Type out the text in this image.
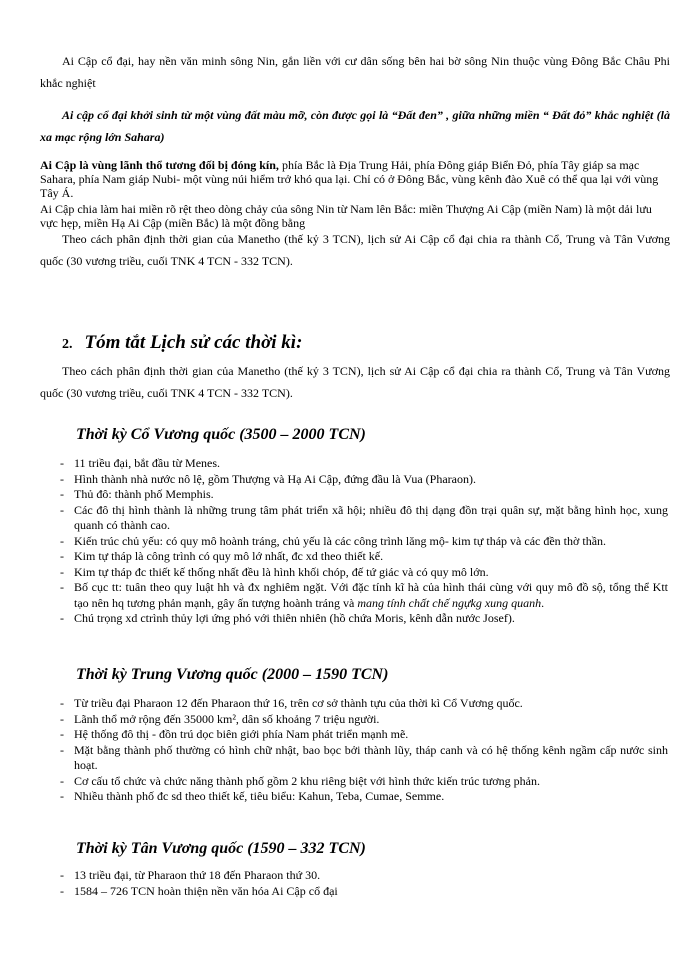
Ai Cập cổ đại, hay nền văn minh sông Nin, gắn liền với cư dân sống bên hai bờ sông Nin thuộc vùng Đông Bắc Châu Phi khắc nghiệt
Ai cập cổ đại khởi sinh từ một vùng đất màu mỡ, còn được gọi là “Đất đen” , giữa những miền “ Đất đỏ” khắc nghiệt (là xa mạc rộng lớn Sahara)
Ai Cập là vùng lãnh thổ tương đối bị đóng kín, phía Bắc là Địa Trung Hải, phía Đông giáp Biển Đỏ, phía Tây giáp sa mạc Sahara, phía Nam giáp Nubi- một vùng núi hiểm trở khó qua lại. Chỉ có ở Đông Bắc, vùng kênh đào Xuê có thể qua lại với vùng Tây Á.
Ai Cập chia làm hai miền rõ rệt theo dòng chảy của sông Nin từ Nam lên Bắc: miền Thượng Ai Cập (miền Nam) là một dải lưu vực hẹp, miền Hạ Ai Cập (miền Bắc) là một đồng bằng
Theo cách phân định thời gian của Manetho (thế kỷ 3 TCN), lịch sử Ai Cập cổ đại chia ra thành Cổ, Trung và Tân Vương quốc (30 vương triều, cuối TNK 4 TCN - 332 TCN).
2. Tóm tắt Lịch sử các thời kì:
Theo cách phân định thời gian của Manetho (thế kỷ 3 TCN), lịch sử Ai Cập cổ đại chia ra thành Cổ, Trung và Tân Vương quốc (30 vương triều, cuối TNK 4 TCN - 332 TCN).
Thời kỳ Cổ Vương quốc (3500 – 2000 TCN)
- 11 triều đại, bắt đầu từ Menes.
- Hình thành nhà nước nô lệ, gồm Thượng và Hạ Ai Cập, đứng đầu là Vua (Pharaon).
- Thủ đô: thành phố Memphis.
- Các đô thị hình thành là những trung tâm phát triển xã hội; nhiều đô thị dạng đồn trại quân sự, mặt bằng hình học, xung quanh có thành cao.
- Kiến trúc chủ yếu: có quy mô hoành tráng, chủ yếu là các công trình lăng mộ- kim tự tháp và các đền thờ thần.
- Kim tự tháp là công trình có quy mô lớ nhất, đc xd theo thiết kế.
- Kim tự tháp đc thiết kế thống nhất đều là hình khối chóp, đế tứ giác và có quy mô lớn.
- Bố cục tt: tuân theo quy luật hh và đx nghiêm ngặt. Với đặc tính kĩ hà của hình thái cùng với quy mô đồ sộ, tổng thể Ktt tạo nên hq tương phản mạnh, gây ấn tượng hoành tráng và mang tính chất chế ngựkg xung quanh.
- Chú trọng xd ctrình thủy lợi ứng phó với thiên nhiên (hồ chứa Moris, kênh dẫn nước Josef).
Thời kỳ Trung Vương quốc (2000 – 1590 TCN)
- Từ triều đại Pharaon 12 đến Pharaon thứ 16, trên cơ sở thành tựu của thời kì Cổ Vương quốc.
- Lãnh thổ mở rộng đến 35000 km², dân số khoảng 7 triệu người.
- Hệ thống đô thị - đồn trú dọc biên giới phía Nam phát triển mạnh mẽ.
- Mặt bằng thành phố thường có hình chữ nhật, bao bọc bởi thành lũy, tháp canh và có hệ thống kênh ngầm cấp nước sinh hoạt.
- Cơ cấu tổ chức và chức năng thành phố gồm 2 khu riêng biệt với hình thức kiến trúc tương phản.
- Nhiều thành phố đc sd theo thiết kế, tiêu biểu: Kahun, Teba, Cumae, Semme.
Thời kỳ Tân Vương quốc (1590 – 332 TCN)
- 13 triều đại, từ Pharaon thứ 18 đến Pharaon thứ 30.
- 1584 – 726 TCN hoàn thiện nền văn hóa Ai Cập cổ đại
